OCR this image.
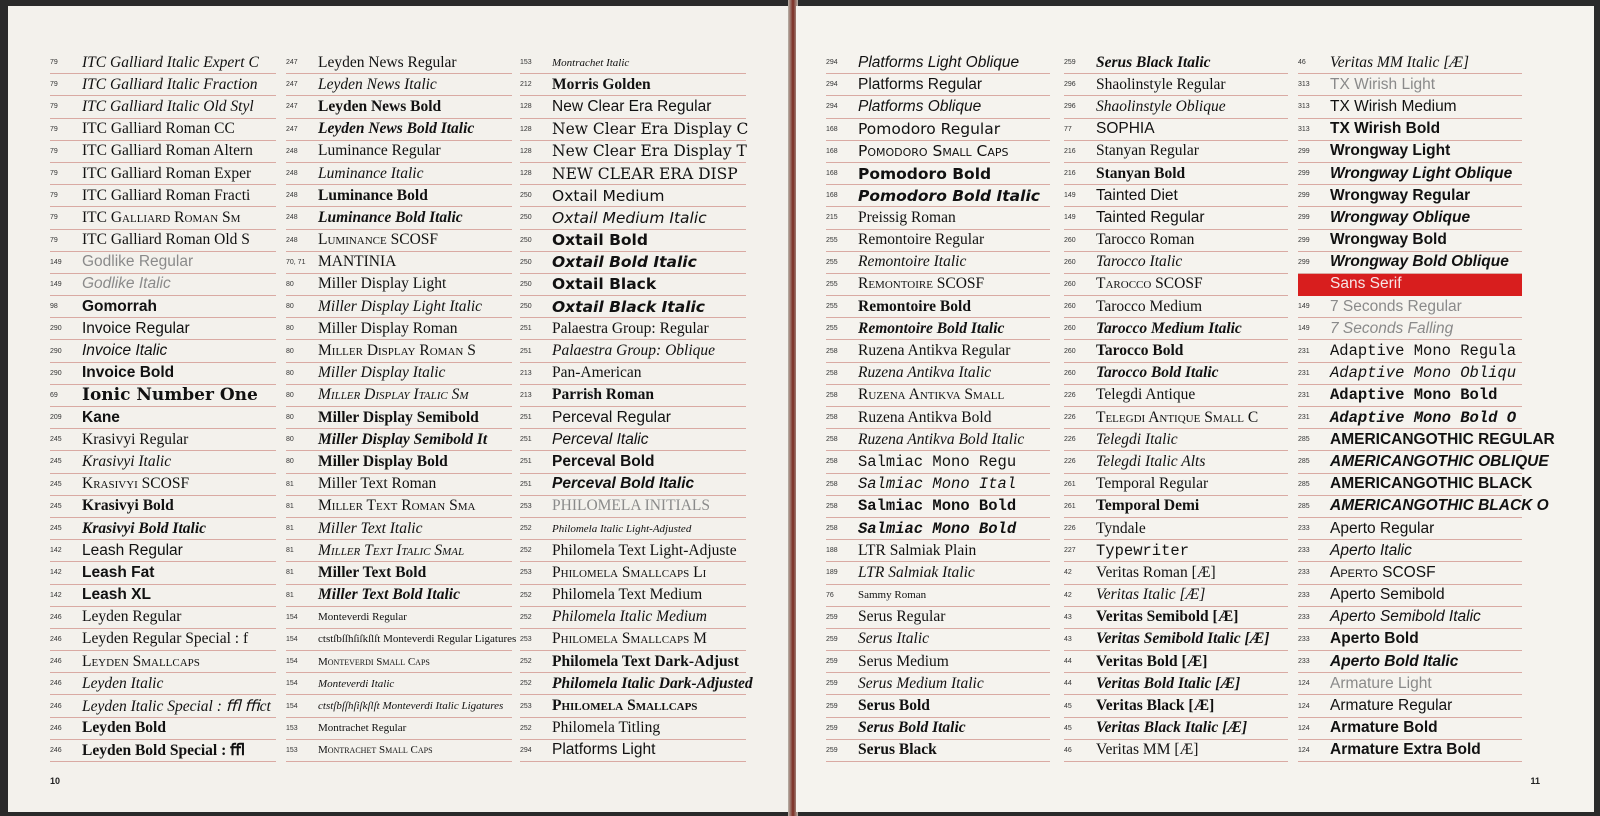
79	ITC Galliard Italic Expert C
79	ITC Galliard Italic Fraction
79	ITC Galliard Italic Old Styl
79	ITC Galliard Roman CC
79	ITC Galliard Roman Altern
79	ITC Galliard Roman Exper
79	ITC Galliard Roman Fracti
79	ITC Galliard Roman Sm
79	ITC Galliard Roman Old S
149	Godlike Regular
149	Godlike Italic
98	Gomorrah
290	Invoice Regular
290	Invoice Italic
290	Invoice Bold
69	Ionic Number One
209	Kane
245	Krasivyi Regular
245	Krasivyi Italic
245	Krasivyi SCOSF
245	Krasivyi Bold
245	Krasivyi Bold Italic
142	Leash Regular
142	Leash Fat
142	Leash XL
246	Leyden Regular
246	Leyden Regular Special : f
246	Leyden Smallcaps
246	Leyden Italic
246	Leyden Italic Special : ﬄ ﬃct
246	Leyden Bold
246	Leyden Bold Special : ﬄ
247	Leyden News Regular
247	Leyden News Italic
247	Leyden News Bold
247	Leyden News Bold Italic
248	Luminance Regular
248	Luminance Italic
248	Luminance Bold
248	Luminance Bold Italic
248	Luminance SCOSF
70, 71 MANTINIA
80	Miller Display Light
80	Miller Display Light Italic
80	Miller Display Roman
80	Miller Display Roman S
80	Miller Display Italic
80	Miller Display Italic Sm
80	Miller Display Semibold
80	Miller Display Semibold It
80	Miller Display Bold
81	Miller Text Roman
81	Miller Text Roman Sma
81	Miller Text Italic
81	Miller Text Italic Smal
81	Miller Text Bold
81	Miller Text Bold Italic
154	Monteverdi Regular
154	ctstſbſſhſiſkſlſt Monteverdi Regular Ligatures
154	Monteverdi Small Caps
154	Monteverdi Italic
154	ctstſbſſhſiſkſlſt Monteverdi Italic Ligatures
153	Montrachet Regular
153	Montrachet Small Caps
153	Montrachet Italic
212	Morris Golden
128	New Clear Era Regular
128	New Clear Era Display C
128	New Clear Era Display T
128	NEW CLEAR ERA DISP
250	Oxtail Medium
250	Oxtail Medium Italic
250	Oxtail Bold
250	Oxtail Bold Italic
250	Oxtail Black
250	Oxtail Black Italic
251	Palaestra Group: Regular
251	Palaestra Group: Oblique
213	Pan-American
213	Parrish Roman
251	Perceval Regular
251	Perceval Italic
251	Perceval Bold
251	Perceval Bold Italic
253	PHILOMELA INITIALS
252	Philomela Italic Light-Adjusted
252	Philomela Text Light-Adjuste
253	Philomela Smallcaps Li
252	Philomela Text Medium
252	Philomela Italic Medium
253	Philomela Smallcaps M
252	Philomela Text Dark-Adjust
252	Philomela Italic Dark-Adjusted
253	Philomela Smallcaps
252	Philomela Titling
294	Platforms Light
10
294	Platforms Light Oblique
294	Platforms Regular
294	Platforms Oblique
168	Pomodoro Regular
168	Pomodoro Small Caps
168	Pomodoro Bold
168	Pomodoro Bold Italic
215	Preissig Roman
255	Remontoire Regular
255	Remontoire Italic
255	Remontoire SCOSF
255	Remontoire Bold
255	Remontoire Bold Italic
258	Ruzena Antikva Regular
258	Ruzena Antikva Italic
258	Ruzena Antikva Small
258	Ruzena Antikva Bold
258	Ruzena Antikva Bold Italic
258	Salmiac Mono Regu
258	Salmiac Mono Ital
258	Salmiac Mono Bold
258	Salmiac Mono Bold
188	LTR Salmiak Plain
189	LTR Salmiak Italic
76	Sammy Roman
259	Serus Regular
259	Serus Italic
259	Serus Medium
259	Serus Medium Italic
259	Serus Bold
259	Serus Bold Italic
259	Serus Black
259	Serus Black Italic
296	Shaolinstyle Regular
296	Shaolinstyle Oblique
77	SOPHIA
216	Stanyan Regular
216	Stanyan Bold
149	Tainted Diet
149	Tainted Regular
260	Tarocco Roman
260	Tarocco Italic
260	Tarocco SCOSF
260	Tarocco Medium
260	Tarocco Medium Italic
260	Tarocco Bold
260	Tarocco Bold Italic
226	Telegdi Antique
226	Telegdi Antique Small C
226	Telegdi Italic
226	Telegdi Italic Alts
261	Temporal Regular
261	Temporal Demi
226	Tyndale
227	Typewriter
42	Veritas Roman [Æ]
42	Veritas Italic [Æ]
43	Veritas Semibold [Æ]
43	Veritas Semibold Italic [Æ]
44	Veritas Bold [Æ]
44	Veritas Bold Italic [Æ]
45	Veritas Black [Æ]
45	Veritas Black Italic [Æ]
46	Veritas MM [Æ]
46	Veritas MM Italic [Æ]
313	TX Wirish Light
313	TX Wirish Medium
313	TX Wirish Bold
299	Wrongway Light
299	Wrongway Light Oblique
299	Wrongway Regular
299	Wrongway Oblique
299	Wrongway Bold
299	Wrongway Bold Oblique
Sans Serif
149	7 Seconds Regular
149	7 Seconds Falling
231	Adaptive Mono Regula
231	Adaptive Mono Obliqu
231	Adaptive Mono Bold
231	Adaptive Mono Bold O
285	AMERICANGOTHIC REGULAR
285	AMERICANGOTHIC OBLIQUE
285	AMERICANGOTHIC BLACK
285	AMERICANGOTHIC BLACK O
233	Aperto Regular
233	Aperto Italic
233	Aperto SCOSF
233	Aperto Semibold
233	Aperto Semibold Italic
233	Aperto Bold
233	Aperto Bold Italic
124	Armature Light
124	Armature Regular
124	Armature Bold
124	Armature Extra Bold
11
